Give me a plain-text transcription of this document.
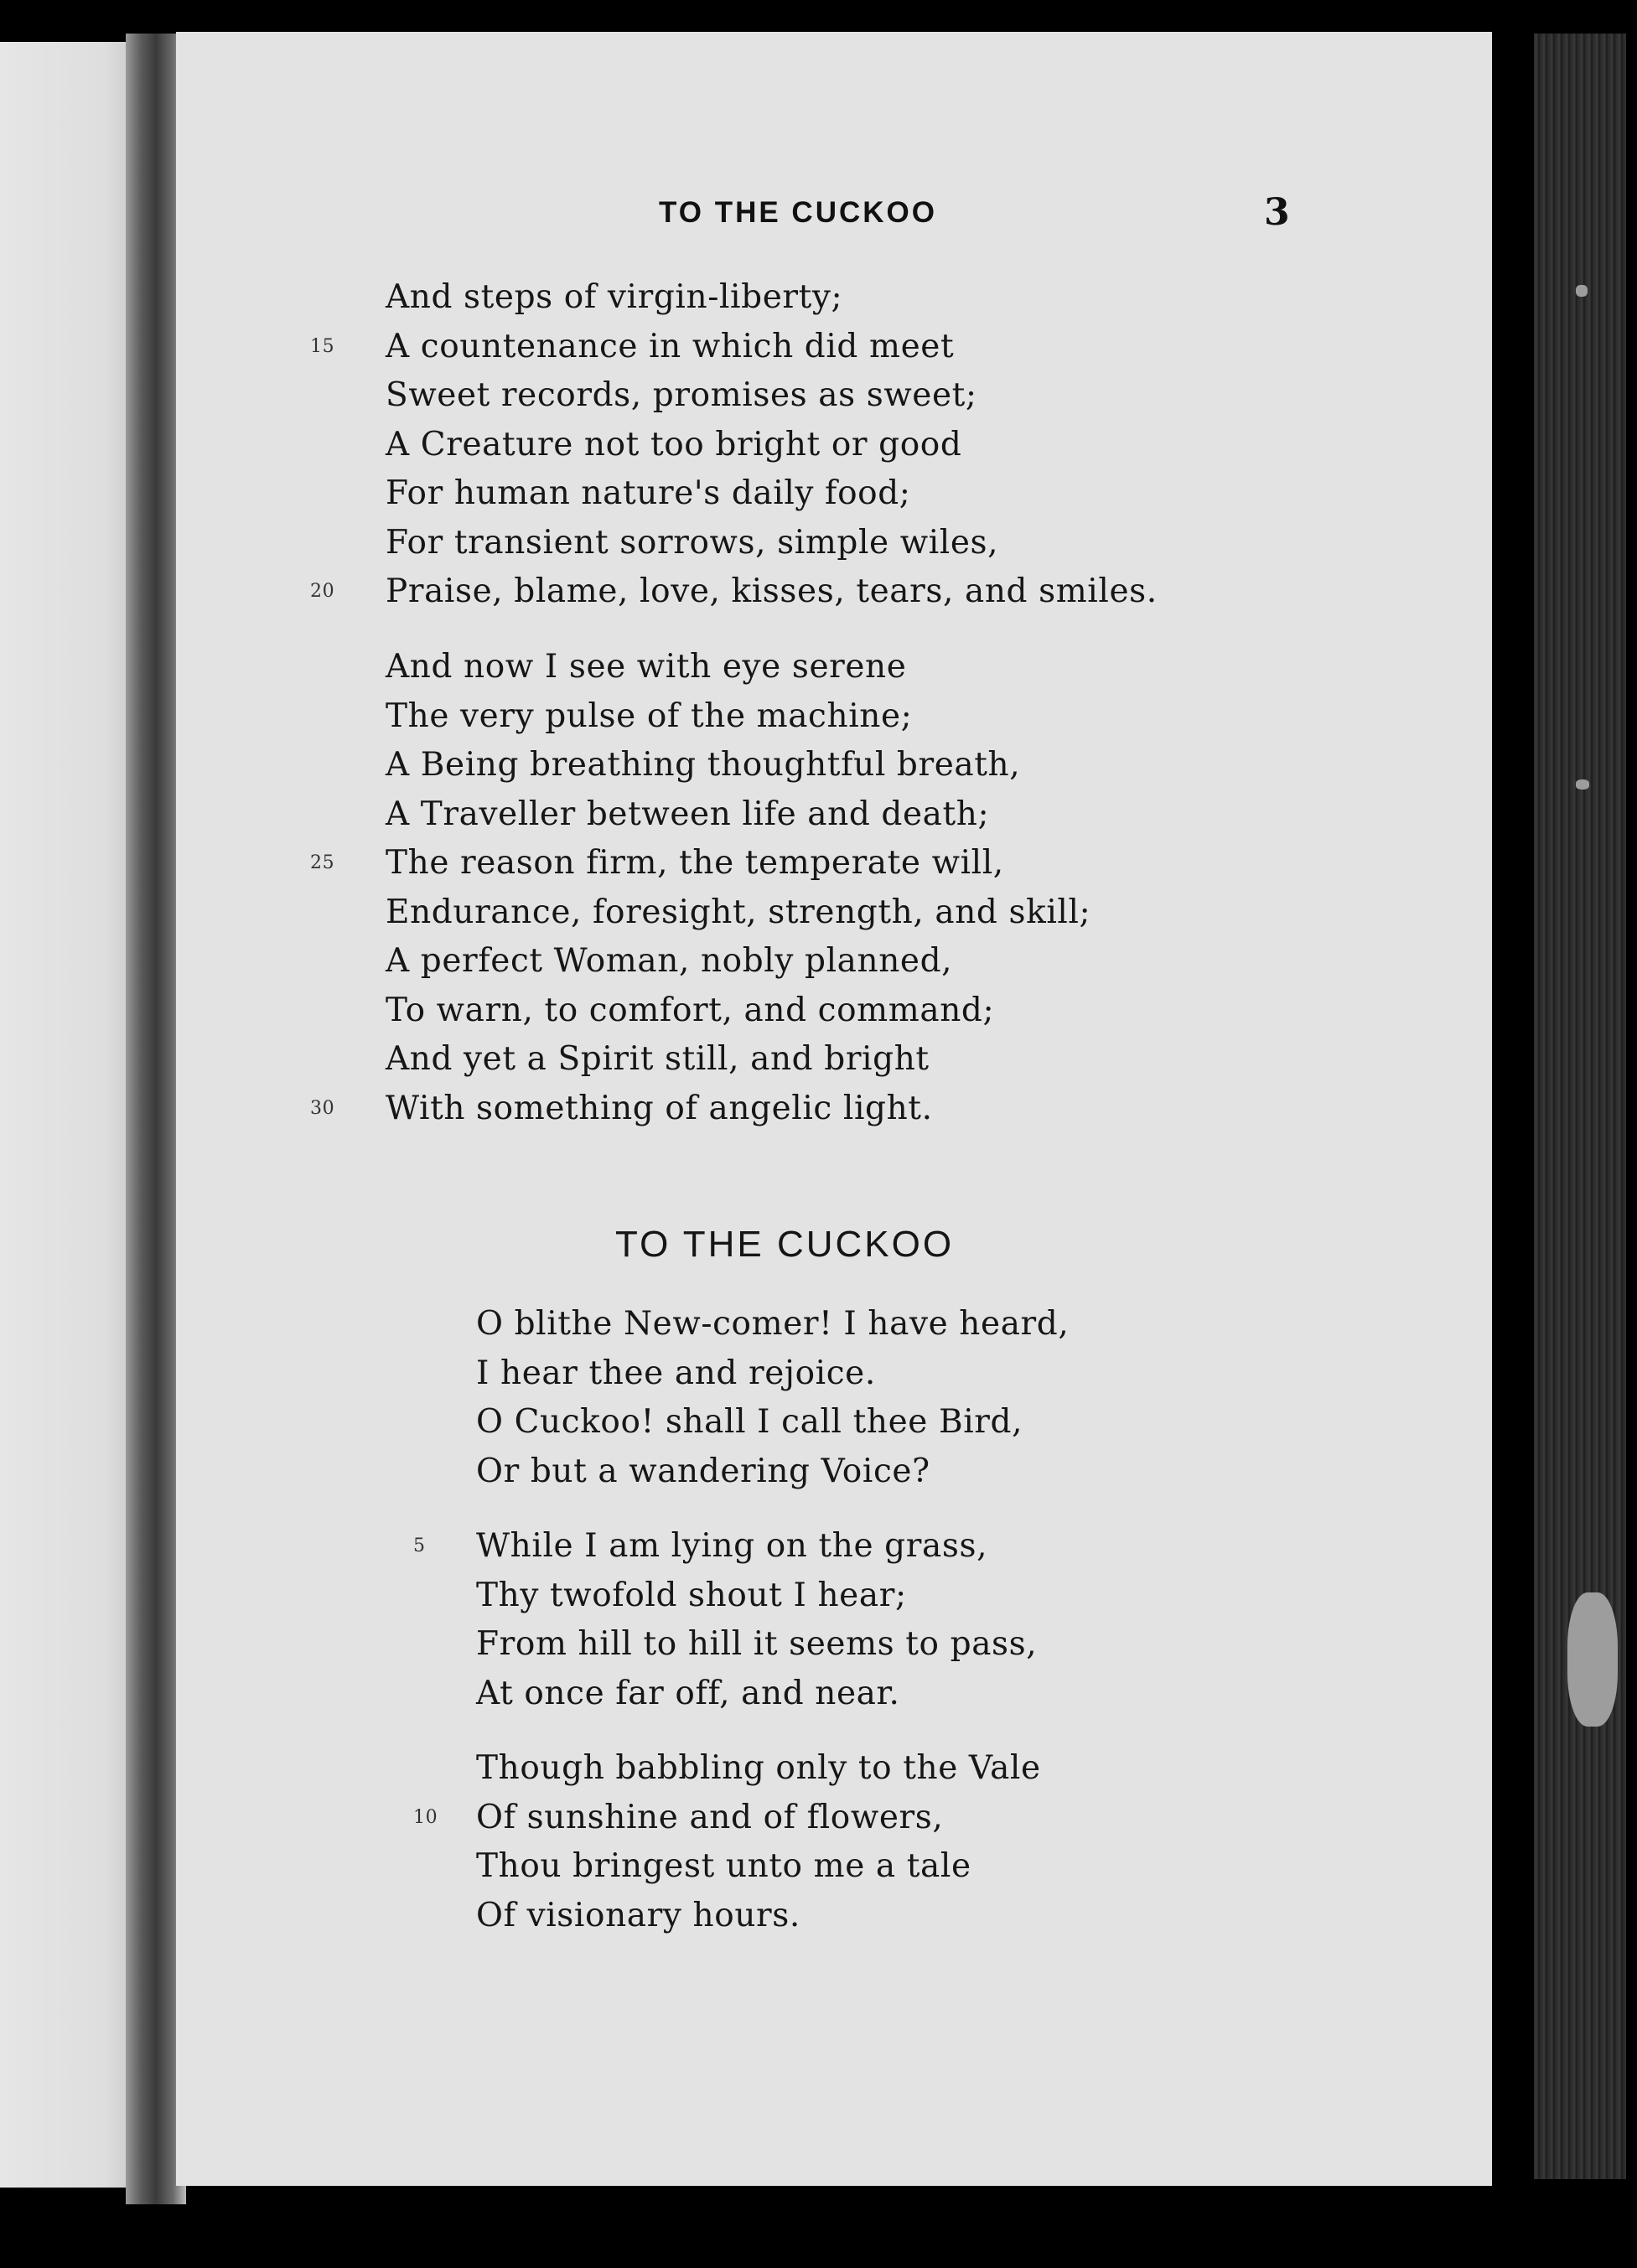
TO THE CUCKOO	3
And steps of virgin-liberty;
15 A countenance in which did meet
Sweet records, promises as sweet;
A Creature not too bright or good
For human nature's daily food;
For transient sorrows, simple wiles,
20 Praise, blame, love, kisses, tears, and smiles.
And now I see with eye serene
The very pulse of the machine;
A Being breathing thoughtful breath,
A Traveller between life and death;
25 The reason firm, the temperate will,
Endurance, foresight, strength, and skill;
A perfect Woman, nobly planned,
To warn, to comfort, and command;
And yet a Spirit still, and bright
30 With something of angelic light.
TO THE CUCKOO
O blithe New-comer! I have heard,
I hear thee and rejoice.
O Cuckoo! shall I call thee Bird,
Or but a wandering Voice?
5 While I am lying on the grass,
Thy twofold shout I hear;
From hill to hill it seems to pass,
At once far off, and near.
Though babbling only to the Vale
10 Of sunshine and of flowers,
Thou bringest unto me a tale
Of visionary hours.
